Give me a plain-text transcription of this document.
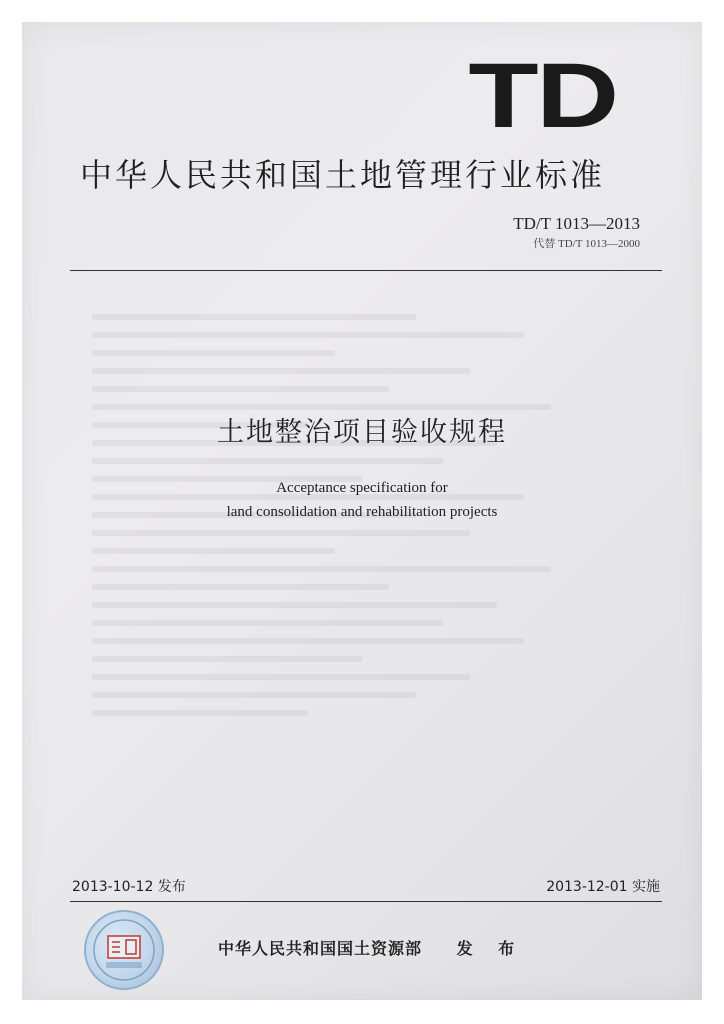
TD
中华人民共和国土地管理行业标准
TD/T 1013—2013
代替 TD/T 1013—2000
土地整治项目验收规程
Acceptance specification for
land consolidation and rehabilitation projects
2013-10-12 发布	2013-12-01 实施
中华人民共和国国土资源部 发 布
